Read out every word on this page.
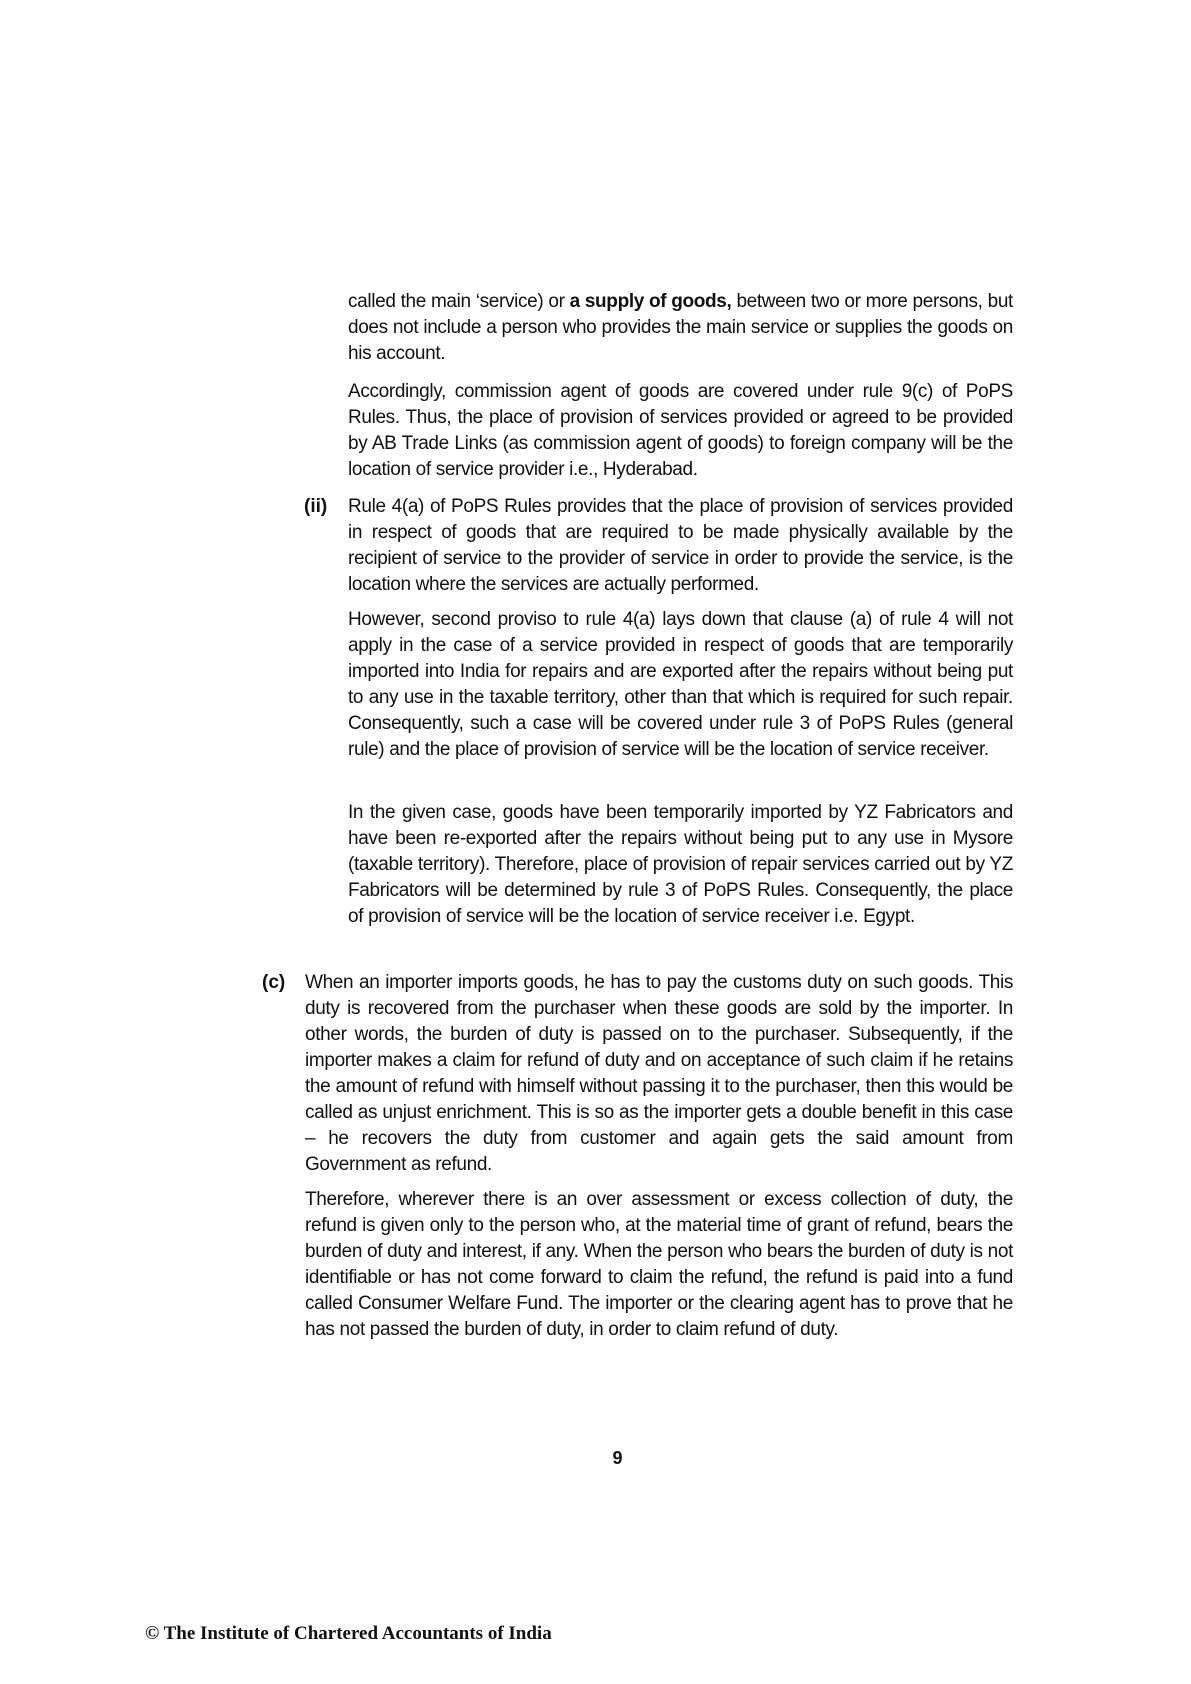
called the main ‘service) or a supply of goods, between two or more persons, but does not include a person who provides the main service or supplies the goods on his account.

Accordingly, commission agent of goods are covered under rule 9(c) of PoPS Rules. Thus, the place of provision of services provided or agreed to be provided by AB Trade Links (as commission agent of goods) to foreign company will be the location of service provider i.e., Hyderabad.

(ii) Rule 4(a) of PoPS Rules provides that the place of provision of services provided in respect of goods that are required to be made physically available by the recipient of service to the provider of service in order to provide the service, is the location where the services are actually performed.

However, second proviso to rule 4(a) lays down that clause (a) of rule 4 will not apply in the case of a service provided in respect of goods that are temporarily imported into India for repairs and are exported after the repairs without being put to any use in the taxable territory, other than that which is required for such repair. Consequently, such a case will be covered under rule 3 of PoPS Rules (general rule) and the place of provision of service will be the location of service receiver.

In the given case, goods have been temporarily imported by YZ Fabricators and have been re-exported after the repairs without being put to any use in Mysore (taxable territory). Therefore, place of provision of repair services carried out by YZ Fabricators will be determined by rule 3 of PoPS Rules. Consequently, the place of provision of service will be the location of service receiver i.e. Egypt.

(c) When an importer imports goods, he has to pay the customs duty on such goods. This duty is recovered from the purchaser when these goods are sold by the importer. In other words, the burden of duty is passed on to the purchaser. Subsequently, if the importer makes a claim for refund of duty and on acceptance of such claim if he retains the amount of refund with himself without passing it to the purchaser, then this would be called as unjust enrichment. This is so as the importer gets a double benefit in this case – he recovers the duty from customer and again gets the said amount from Government as refund.

Therefore, wherever there is an over assessment or excess collection of duty, the refund is given only to the person who, at the material time of grant of refund, bears the burden of duty and interest, if any. When the person who bears the burden of duty is not identifiable or has not come forward to claim the refund, the refund is paid into a fund called Consumer Welfare Fund. The importer or the clearing agent has to prove that he has not passed the burden of duty, in order to claim refund of duty.

9
© The Institute of Chartered Accountants of India
